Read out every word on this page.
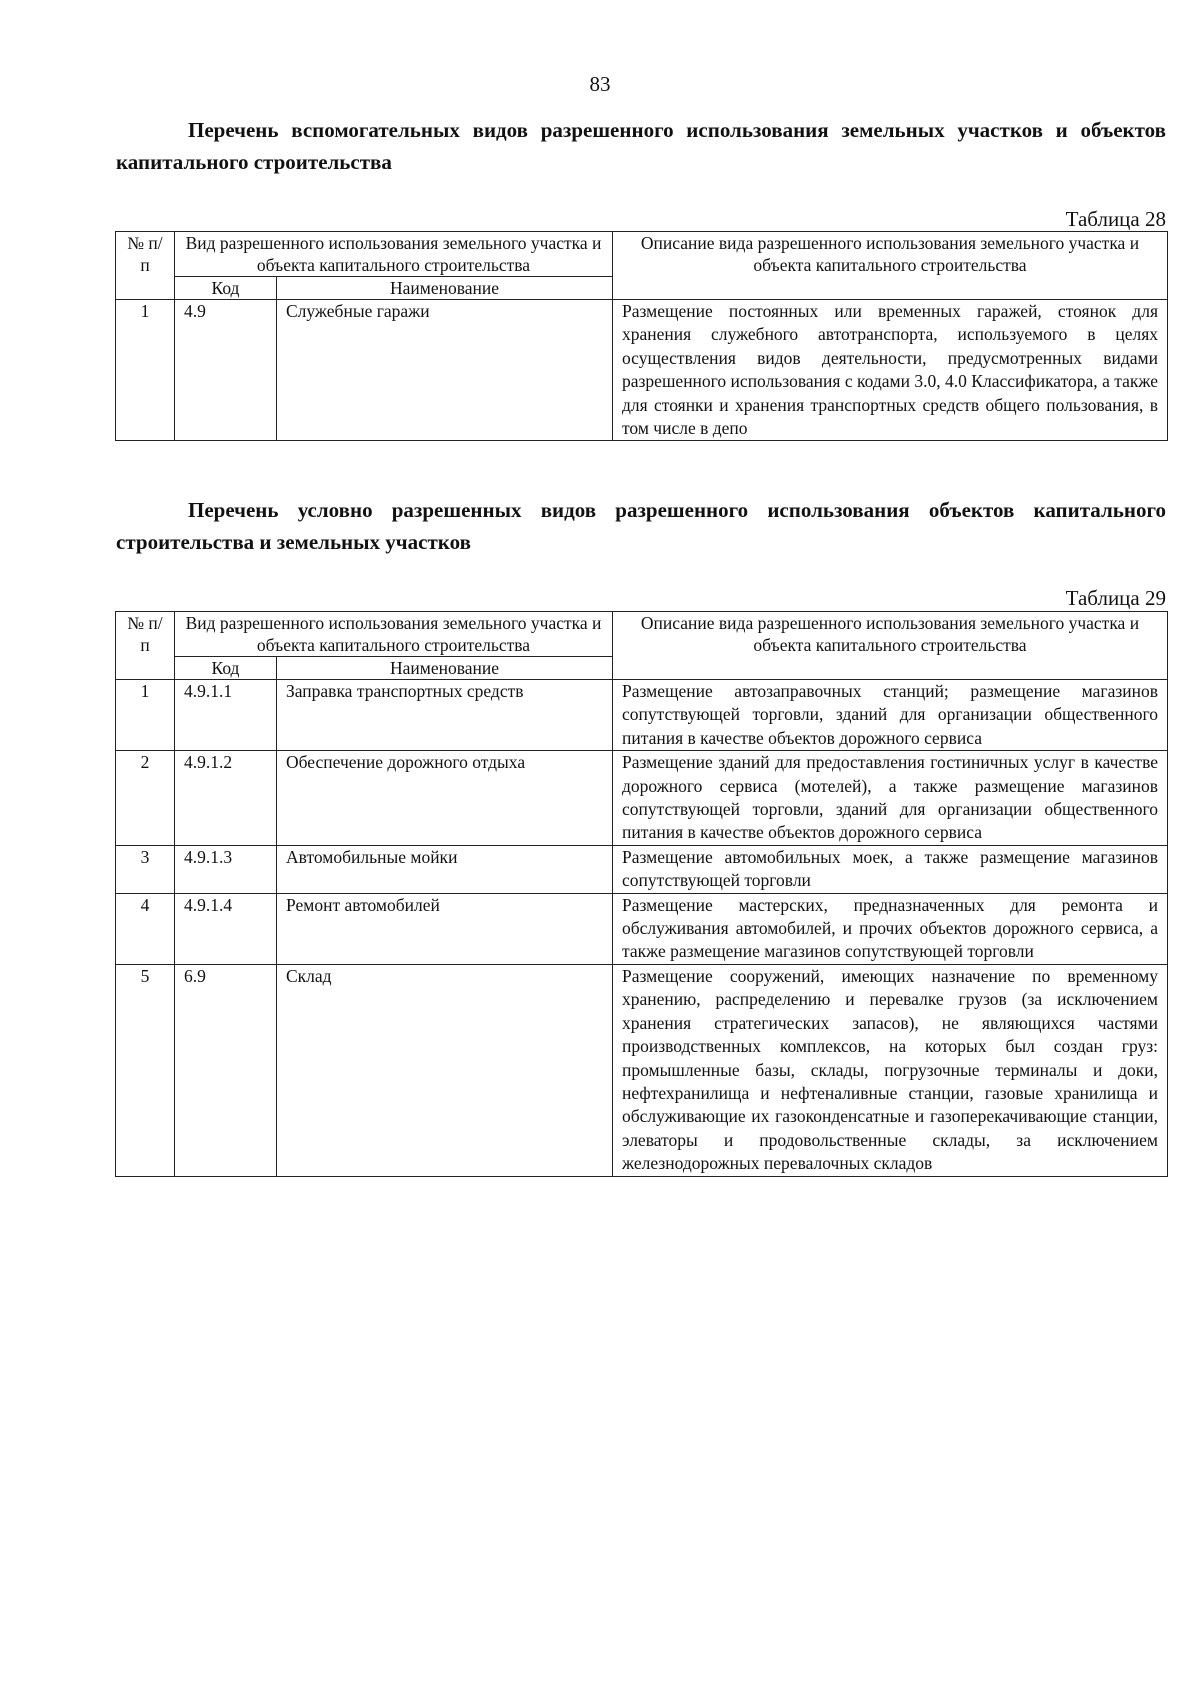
83
Перечень вспомогательных видов разрешенного использования земельных участков и объектов капитального строительства
Таблица 28
№ п/п	Вид разрешенного использования земельного участка и объекта капитального строительства		Описание вида разрешенного использования земельного участка и объекта капитального строительства
	Код	Наименование	
1	4.9	Служебные гаражи	Размещение постоянных или временных гаражей, стоянок для хранения служебного автотранспорта, используемого в целях осуществления видов деятельности, предусмотренных видами разрешенного использования с кодами 3.0, 4.0 Классификатора, а также для стоянки и хранения транспортных средств общего пользования, в том числе в депо
Перечень условно разрешенных видов разрешенного использования объектов капитального строительства и земельных участков
Таблица 29
№ п/п	Вид разрешенного использования земельного участка и объекта капитального строительства		Описание вида разрешенного использования земельного участка и объекта капитального строительства
	Код	Наименование	
1	4.9.1.1	Заправка транспортных средств	Размещение автозаправочных станций; размещение магазинов сопутствующей торговли, зданий для организации общественного питания в качестве объектов дорожного сервиса
2	4.9.1.2	Обеспечение дорожного отдыха	Размещение зданий для предоставления гостиничных услуг в качестве дорожного сервиса (мотелей), а также размещение магазинов сопутствующей торговли, зданий для организации общественного питания в качестве объектов дорожного сервиса
3	4.9.1.3	Автомобильные мойки	Размещение автомобильных моек, а также размещение магазинов сопутствующей торговли
4	4.9.1.4	Ремонт автомобилей	Размещение мастерских, предназначенных для ремонта и обслуживания автомобилей, и прочих объектов дорожного сервиса, а также размещение магазинов сопутствующей торговли
5	6.9	Склад	Размещение сооружений, имеющих назначение по временному хранению, распределению и перевалке грузов (за исключением хранения стратегических запасов), не являющихся частями производственных комплексов, на которых был создан груз: промышленные базы, склады, погрузочные терминалы и доки, нефтехранилища и нефтеналивные станции, газовые хранилища и обслуживающие их газоконденсатные и газоперекачивающие станции, элеваторы и продовольственные склады, за исключением железнодорожных перевалочных складов
